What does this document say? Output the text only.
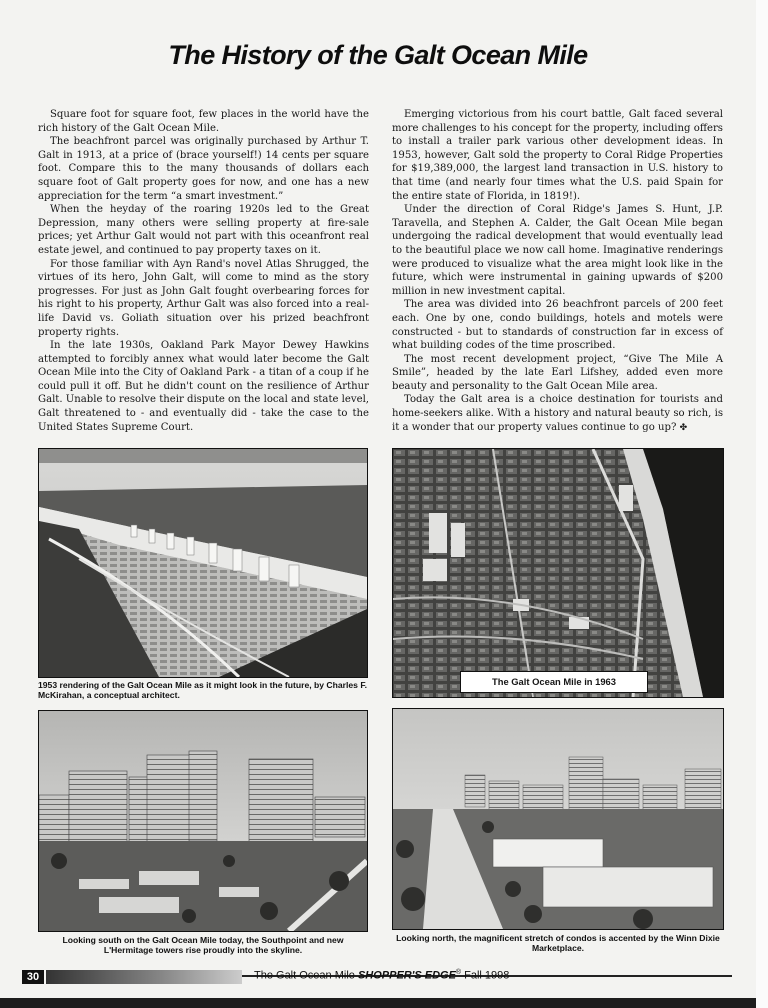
The History of the Galt Ocean Mile

Square foot for square foot, few places in the world have the rich history of the Galt Ocean Mile.

The beachfront parcel was originally purchased by Arthur T. Galt in 1913, at a price of (brace yourself!) 14 cents per square foot. Compare this to the many thousands of dollars each square foot of Galt property goes for now, and one has a new appreciation for the term “a smart investment.”

When the heyday of the roaring 1920s led to the Great Depression, many others were selling property at fire-sale prices; yet Arthur Galt would not part with this oceanfront real estate jewel, and continued to pay property taxes on it.

For those familiar with Ayn Rand's novel Atlas Shrugged, the virtues of its hero, John Galt, will come to mind as the story progresses. For just as John Galt fought overbearing forces for his right to his property, Arthur Galt was also forced into a real-life David vs. Goliath situation over his prized beachfront property rights.

In the late 1930s, Oakland Park Mayor Dewey Hawkins attempted to forcibly annex what would later become the Galt Ocean Mile into the City of Oakland Park - a titan of a coup if he could pull it off. But he didn't count on the resilience of Arthur Galt. Unable to resolve their dispute on the local and state level, Galt threatened to - and eventually did - take the case to the United States Supreme Court.

Emerging victorious from his court battle, Galt faced several more challenges to his concept for the property, including offers to install a trailer park various other development ideas. In 1953, however, Galt sold the property to Coral Ridge Properties for $19,389,000, the largest land transaction in U.S. history to that time (and nearly four times what the U.S. paid Spain for the entire state of Florida, in 1819!).

Under the direction of Coral Ridge's James S. Hunt, J.P. Taravella, and Stephen A. Calder, the Galt Ocean Mile began undergoing the radical development that would eventually lead to the beautiful place we now call home. Imaginative renderings were produced to visualize what the area might look like in the future, which were instrumental in gaining upwards of $200 million in new investment capital.

The area was divided into 26 beachfront parcels of 200 feet each. One by one, condo buildings, hotels and motels were constructed - but to standards of construction far in excess of what building codes of the time proscribed.

The most recent development project, “Give The Mile A Smile”, headed by the late Earl Lifshey, added even more beauty and personality to the Galt Ocean Mile area.

Today the Galt area is a choice destination for tourists and home-seekers alike. With a history and natural beauty so rich, is it a wonder that our property values continue to go up? ✤

1953 rendering of the Galt Ocean Mile as it might look in the future, by Charles F. McKirahan, a conceptual architect.
The Galt Ocean Mile in 1963
Looking south on the Galt Ocean Mile today, the Southpoint and new L'Hermitage towers rise proudly into the skyline.
Looking north, the magnificent stretch of condos is accented by the Winn Dixie Marketplace.
30	The Galt Ocean Mile SHOPPER'S EDGE® Fall 1998
